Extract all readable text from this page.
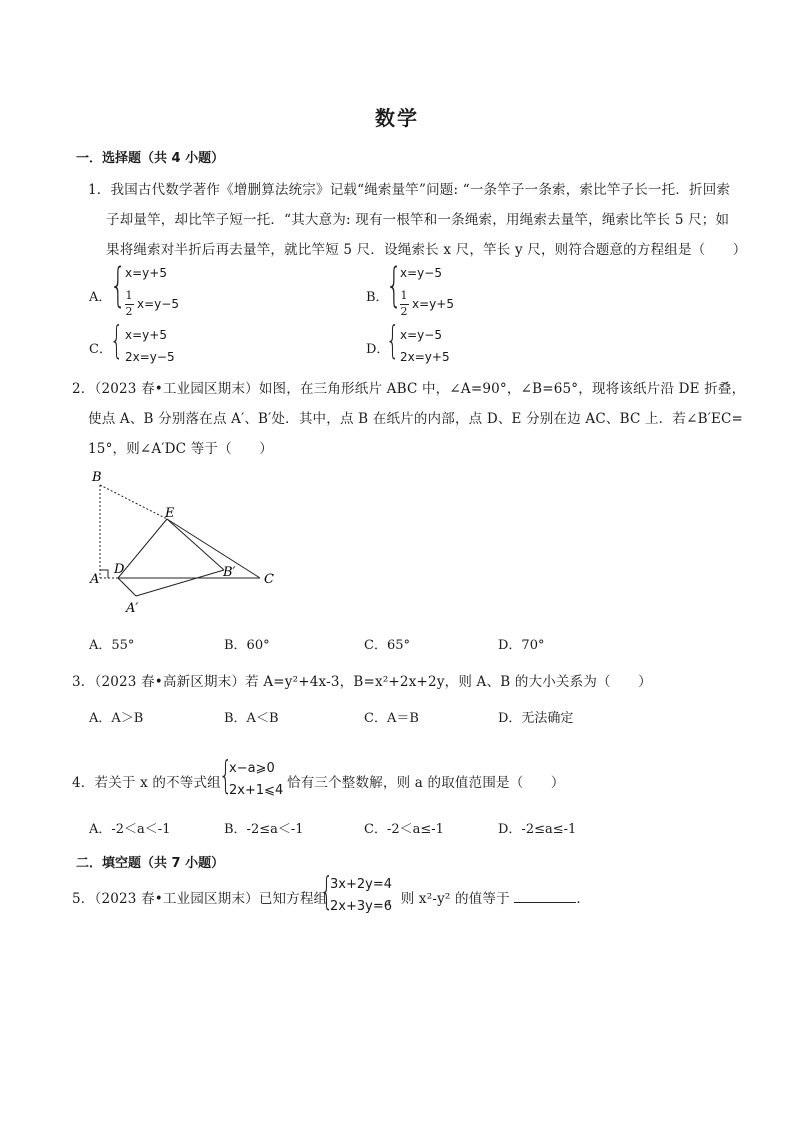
数学
一．选择题（共 4 小题）
1．我国古代数学著作《增删算法统宗》记载“绳索量竿”问题: “一条竿子一条索，索比竿子长一托．折回索
子却量竿，却比竿子短一托．“其大意为: 现有一根竿和一条绳索，用绳索去量竿，绳索比竿长 5 尺；如
果将绳索对半折后再去量竿，就比竿短 5 尺．设绳索长 x 尺，竿长 y 尺，则符合题意的方程组是（　　）
A．
{
x=y+5
1
2
x=y−5	B．
{
x=y−5
1
2
x=y+5
C．
{ x=y+5
2x=y−5	D．
{ x=y−5
2x=y+5
2．（2023 春•工业园区期末）如图，在三角形纸片 ABC 中，∠A=90°，∠B=65°，现将该纸片沿 DE 折叠，
使点 A、B 分别落在点 A′、B′处．其中，点 B 在纸片的内部，点 D、E 分别在边 AC、BC 上．若∠B′EC=
15°，则∠A′DC 等于（　　）
B
E
A
D	B′ C
A′
A．55°	B．60°	C．65°	D．70°
3．（2023 春•高新区期末）若 A=y²+4x-3，B=x²+2x+2y，则 A、B 的大小关系为（　　）
A．A＞B	B．A＜B	C．A＝B	D．无法确定
4．若关于 x 的不等式组
{
x−a⩾0
2x+1⩽4 恰有三个整数解，则 a 的取值范围是（　　）
A．-2＜a＜-1	B．-2≤a＜-1	C．-2＜a≤-1	D．-2≤a≤-1
二．填空题（共 7 小题）
5．（2023 春•工业园区期末）已知方程组
{
3x+2y=4
2x+3y=6
，则 x²-y² 的值等于	．
